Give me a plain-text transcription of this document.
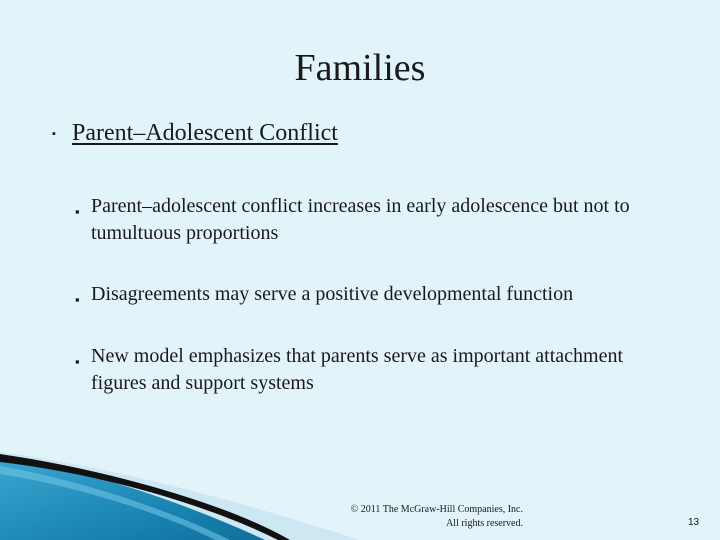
Families
▪ Parent–Adolescent Conflict
▪ Parent–adolescent conflict increases in early adolescence but not to tumultuous proportions
▪ Disagreements may serve a positive developmental function
▪ New model emphasizes that parents serve as important attachment figures and support systems
© 2011 The McGraw-Hill Companies, Inc.
All rights reserved.	13
